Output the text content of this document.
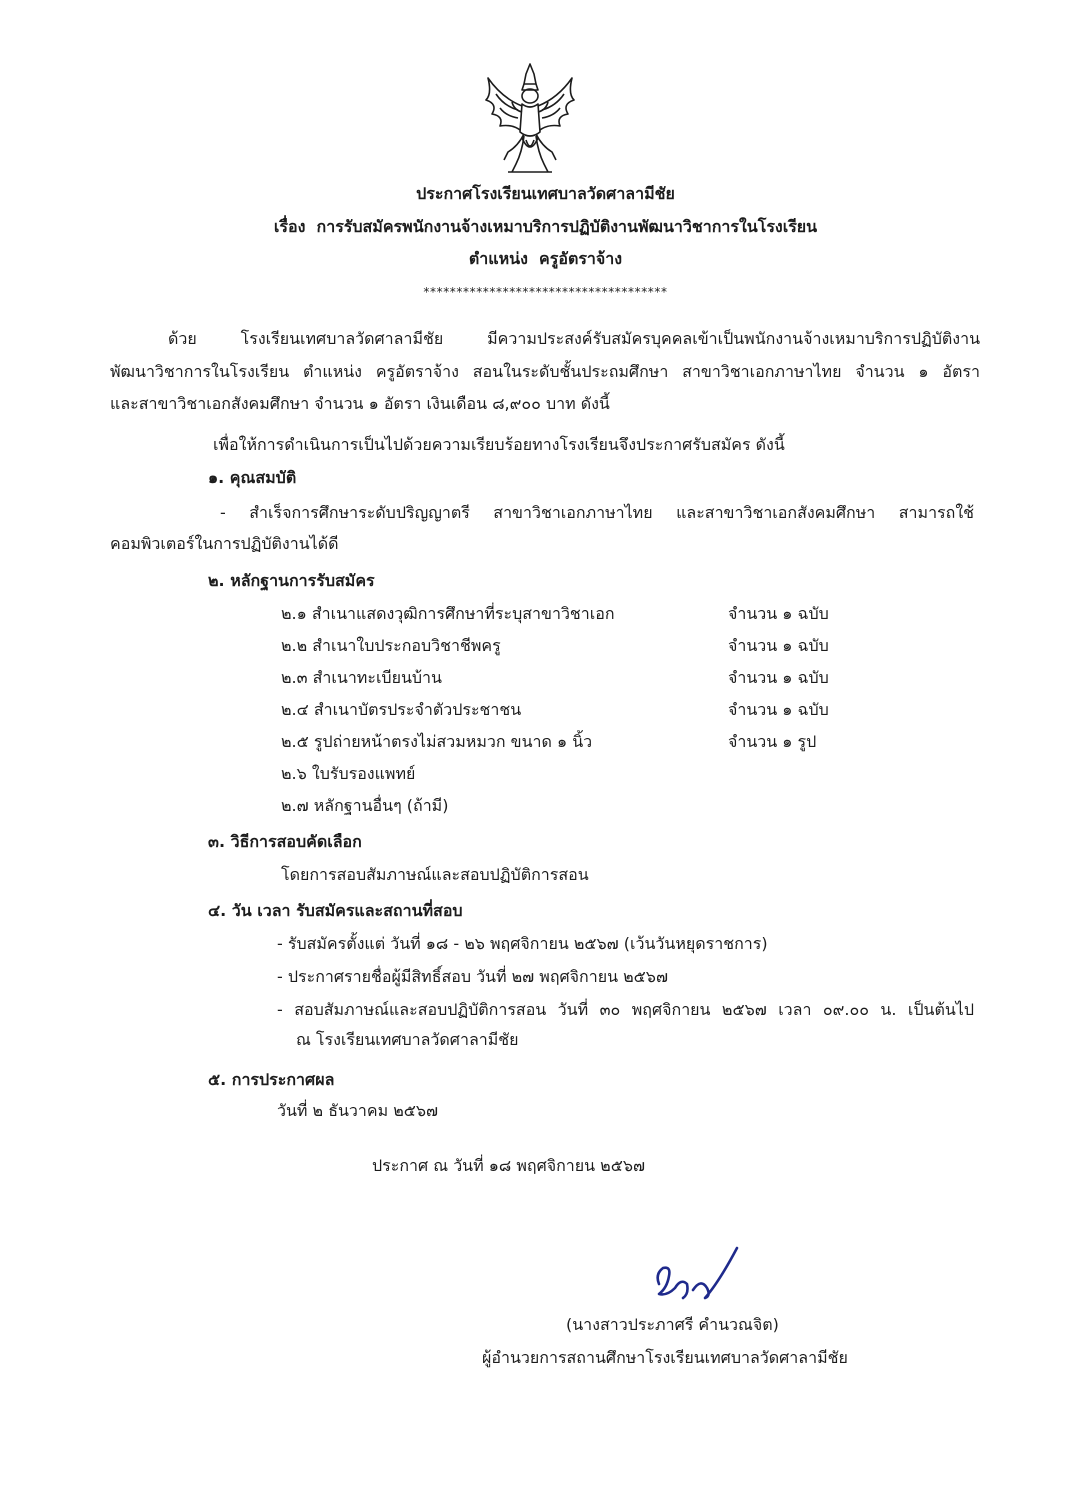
ประกาศโรงเรียนเทศบาลวัดศาลามีชัย
เรื่อง การรับสมัครพนักงานจ้างเหมาบริการปฏิบัติงานพัฒนาวิชาการในโรงเรียน
ตำแหน่ง ครูอัตราจ้าง
*************************************
ด้วย โรงเรียนเทศบาลวัดศาลามีชัย มีความประสงค์รับสมัครบุคคลเข้าเป็นพนักงานจ้างเหมาบริการปฏิบัติงาน
พัฒนาวิชาการในโรงเรียน ตำแหน่ง ครูอัตราจ้าง สอนในระดับชั้นประถมศึกษา สาขาวิชาเอกภาษาไทย จำนวน ๑ อัตรา
และสาขาวิชาเอกสังคมศึกษา จำนวน ๑ อัตรา เงินเดือน ๘,๙๐๐ บาท ดังนี้
เพื่อให้การดำเนินการเป็นไปด้วยความเรียบร้อยทางโรงเรียนจึงประกาศรับสมัคร ดังนี้
๑. คุณสมบัติ
- สำเร็จการศึกษาระดับปริญญาตรี สาขาวิชาเอกภาษาไทย และสาขาวิชาเอกสังคมศึกษา สามารถใช้
คอมพิวเตอร์ในการปฏิบัติงานได้ดี
๒. หลักฐานการรับสมัคร
๒.๑ สำเนาแสดงวุฒิการศึกษาที่ระบุสาขาวิชาเอก	จำนวน ๑ ฉบับ
๒.๒ สำเนาใบประกอบวิชาชีพครู	จำนวน ๑ ฉบับ
๒.๓ สำเนาทะเบียนบ้าน	จำนวน ๑ ฉบับ
๒.๔ สำเนาบัตรประจำตัวประชาชน	จำนวน ๑ ฉบับ
๒.๕ รูปถ่ายหน้าตรงไม่สวมหมวก ขนาด ๑ นิ้ว	จำนวน ๑ รูป
๒.๖ ใบรับรองแพทย์
๒.๗ หลักฐานอื่นๆ (ถ้ามี)
๓. วิธีการสอบคัดเลือก
โดยการสอบสัมภาษณ์และสอบปฏิบัติการสอน
๔. วัน เวลา รับสมัครและสถานที่สอบ
- รับสมัครตั้งแต่ วันที่ ๑๘ - ๒๖ พฤศจิกายน ๒๕๖๗ (เว้นวันหยุดราชการ)
- ประกาศรายชื่อผู้มีสิทธิ์สอบ วันที่ ๒๗ พฤศจิกายน ๒๕๖๗
- สอบสัมภาษณ์และสอบปฏิบัติการสอน วันที่ ๓๐ พฤศจิกายน ๒๕๖๗ เวลา ๐๙.๐๐ น. เป็นต้นไป
ณ โรงเรียนเทศบาลวัดศาลามีชัย
๕. การประกาศผล
วันที่ ๒ ธันวาคม ๒๕๖๗
ประกาศ ณ วันที่ ๑๘ พฤศจิกายน ๒๕๖๗
(นางสาวประภาศรี คำนวณจิต)
ผู้อำนวยการสถานศึกษาโรงเรียนเทศบาลวัดศาลามีชัย
